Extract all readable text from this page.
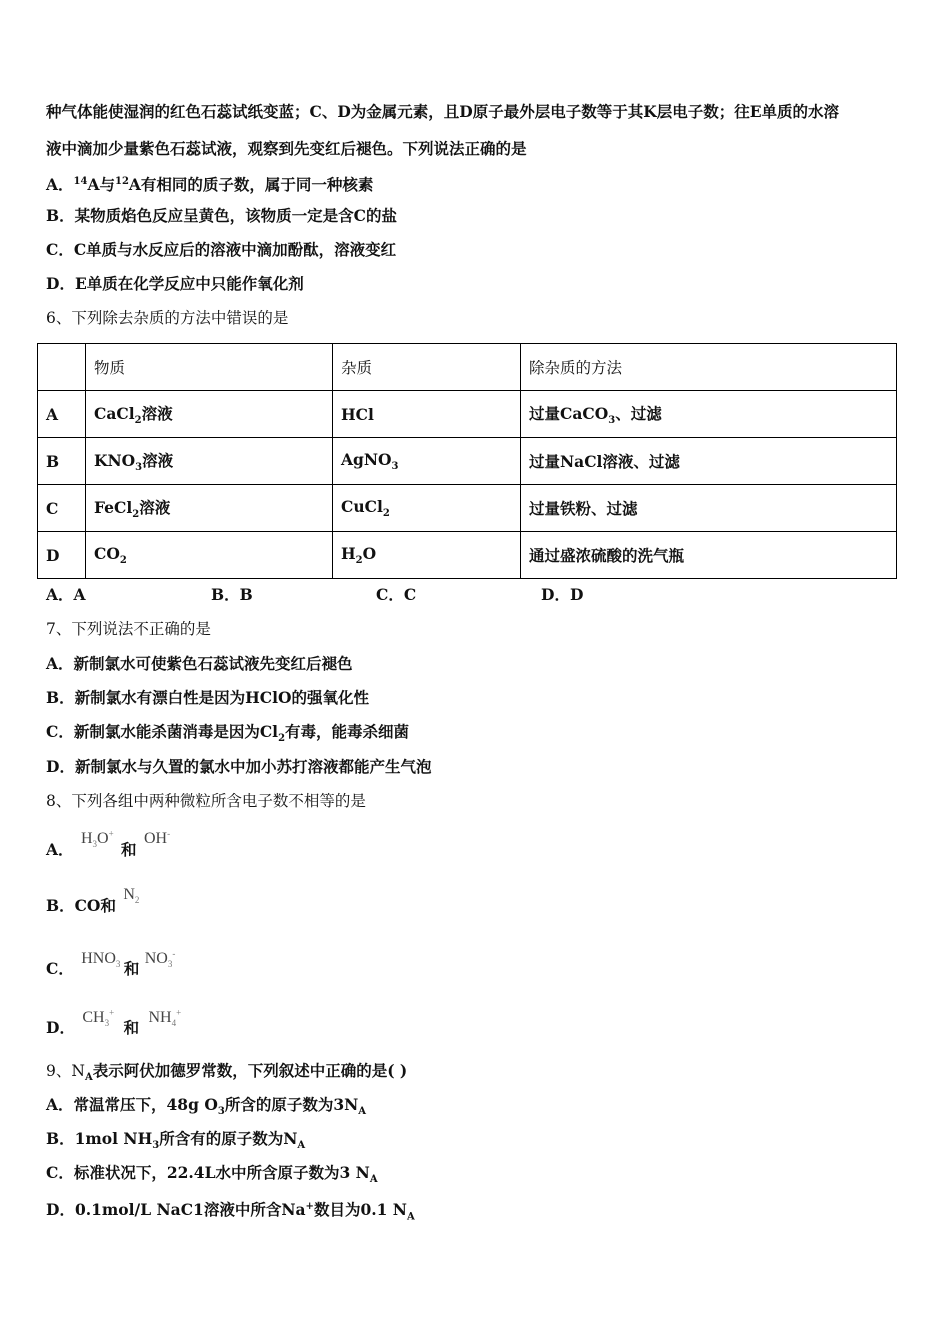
种气体能使湿润的红色石蕊试纸变蓝；C、D为金属元素，且D原子最外层电子数等于其K层电子数；往E单质的水溶
液中滴加少量紫色石蕊试液，观察到先变红后褪色。下列说法正确的是
A．$^{14}$A与$^{12}$A有相同的质子数，属于同一种核素
B．某物质焰色反应呈黄色，该物质一定是含C的盐
C．C单质与水反应后的溶液中滴加酚酞，溶液变红
D．E单质在化学反应中只能作氧化剂
6、下列除去杂质的方法中错误的是
	物质	杂质	除杂质的方法
A	CaCl$_2$溶液	HCl	过量CaCO$_3$、过滤
B	$KNO_3$溶液	AgNO$_3$	过量NaCl溶液、过滤
C	FeCl$_2$溶液	CuCl$_2$	过量铁粉、过滤
D	$CO_2$	$H_2O$	通过盛浓硫酸的洗气瓶
A．A	B．B	C．C	D．D
7、下列说法不正确的是
A．新制氯水可使紫色石蕊试液先变红后褪色
B．新制氯水有漂白性是因为HClO的强氧化性
C．新制氯水能杀菌消毒是因为$Cl_2$有毒，能毒杀细菌
D．新制氯水与久置的氯水中加小苏打溶液都能产生气泡
8、下列各组中两种微粒所含电子数不相等的是
A． $H_3O^+$ 和 OH-
B．CO和 $N_2$
C． $HNO_3$ 和 $NO_3^-$
D． $CH_3^+$ 和 $NH_4^+$
9、$N_A$表示阿伏加德罗常数，下列叙述中正确的是( )
A．常温常压下，48g $O_3$所含的原子数为$3N_A$
B．1mol $NH_3$所含有的原子数为$N_A$
C．标准状况下，22.4L水中所含原子数为3 $N_A$
D．0.1mol/L NaC1溶液中所含Na+数目为0.1 $N_A$
